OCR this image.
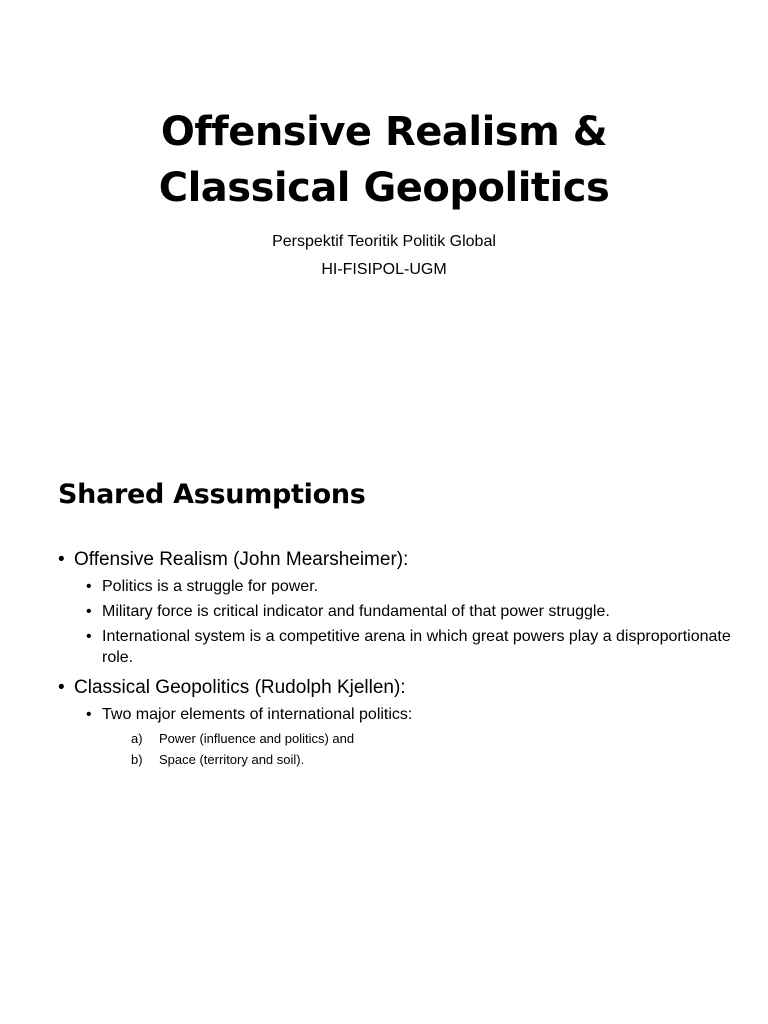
Offensive Realism &
Classical Geopolitics
Perspektif Teoritik Politik Global
HI-FISIPOL-UGM
Shared Assumptions
• Offensive Realism (John Mearsheimer):
• Politics is a struggle for power.
• Military force is critical indicator and fundamental of that power struggle.
• International system is a competitive arena in which great powers play a disproportionate role.
• Classical Geopolitics (Rudolph Kjellen):
• Two major elements of international politics:
a) Power (influence and politics) and
b) Space (territory and soil).
